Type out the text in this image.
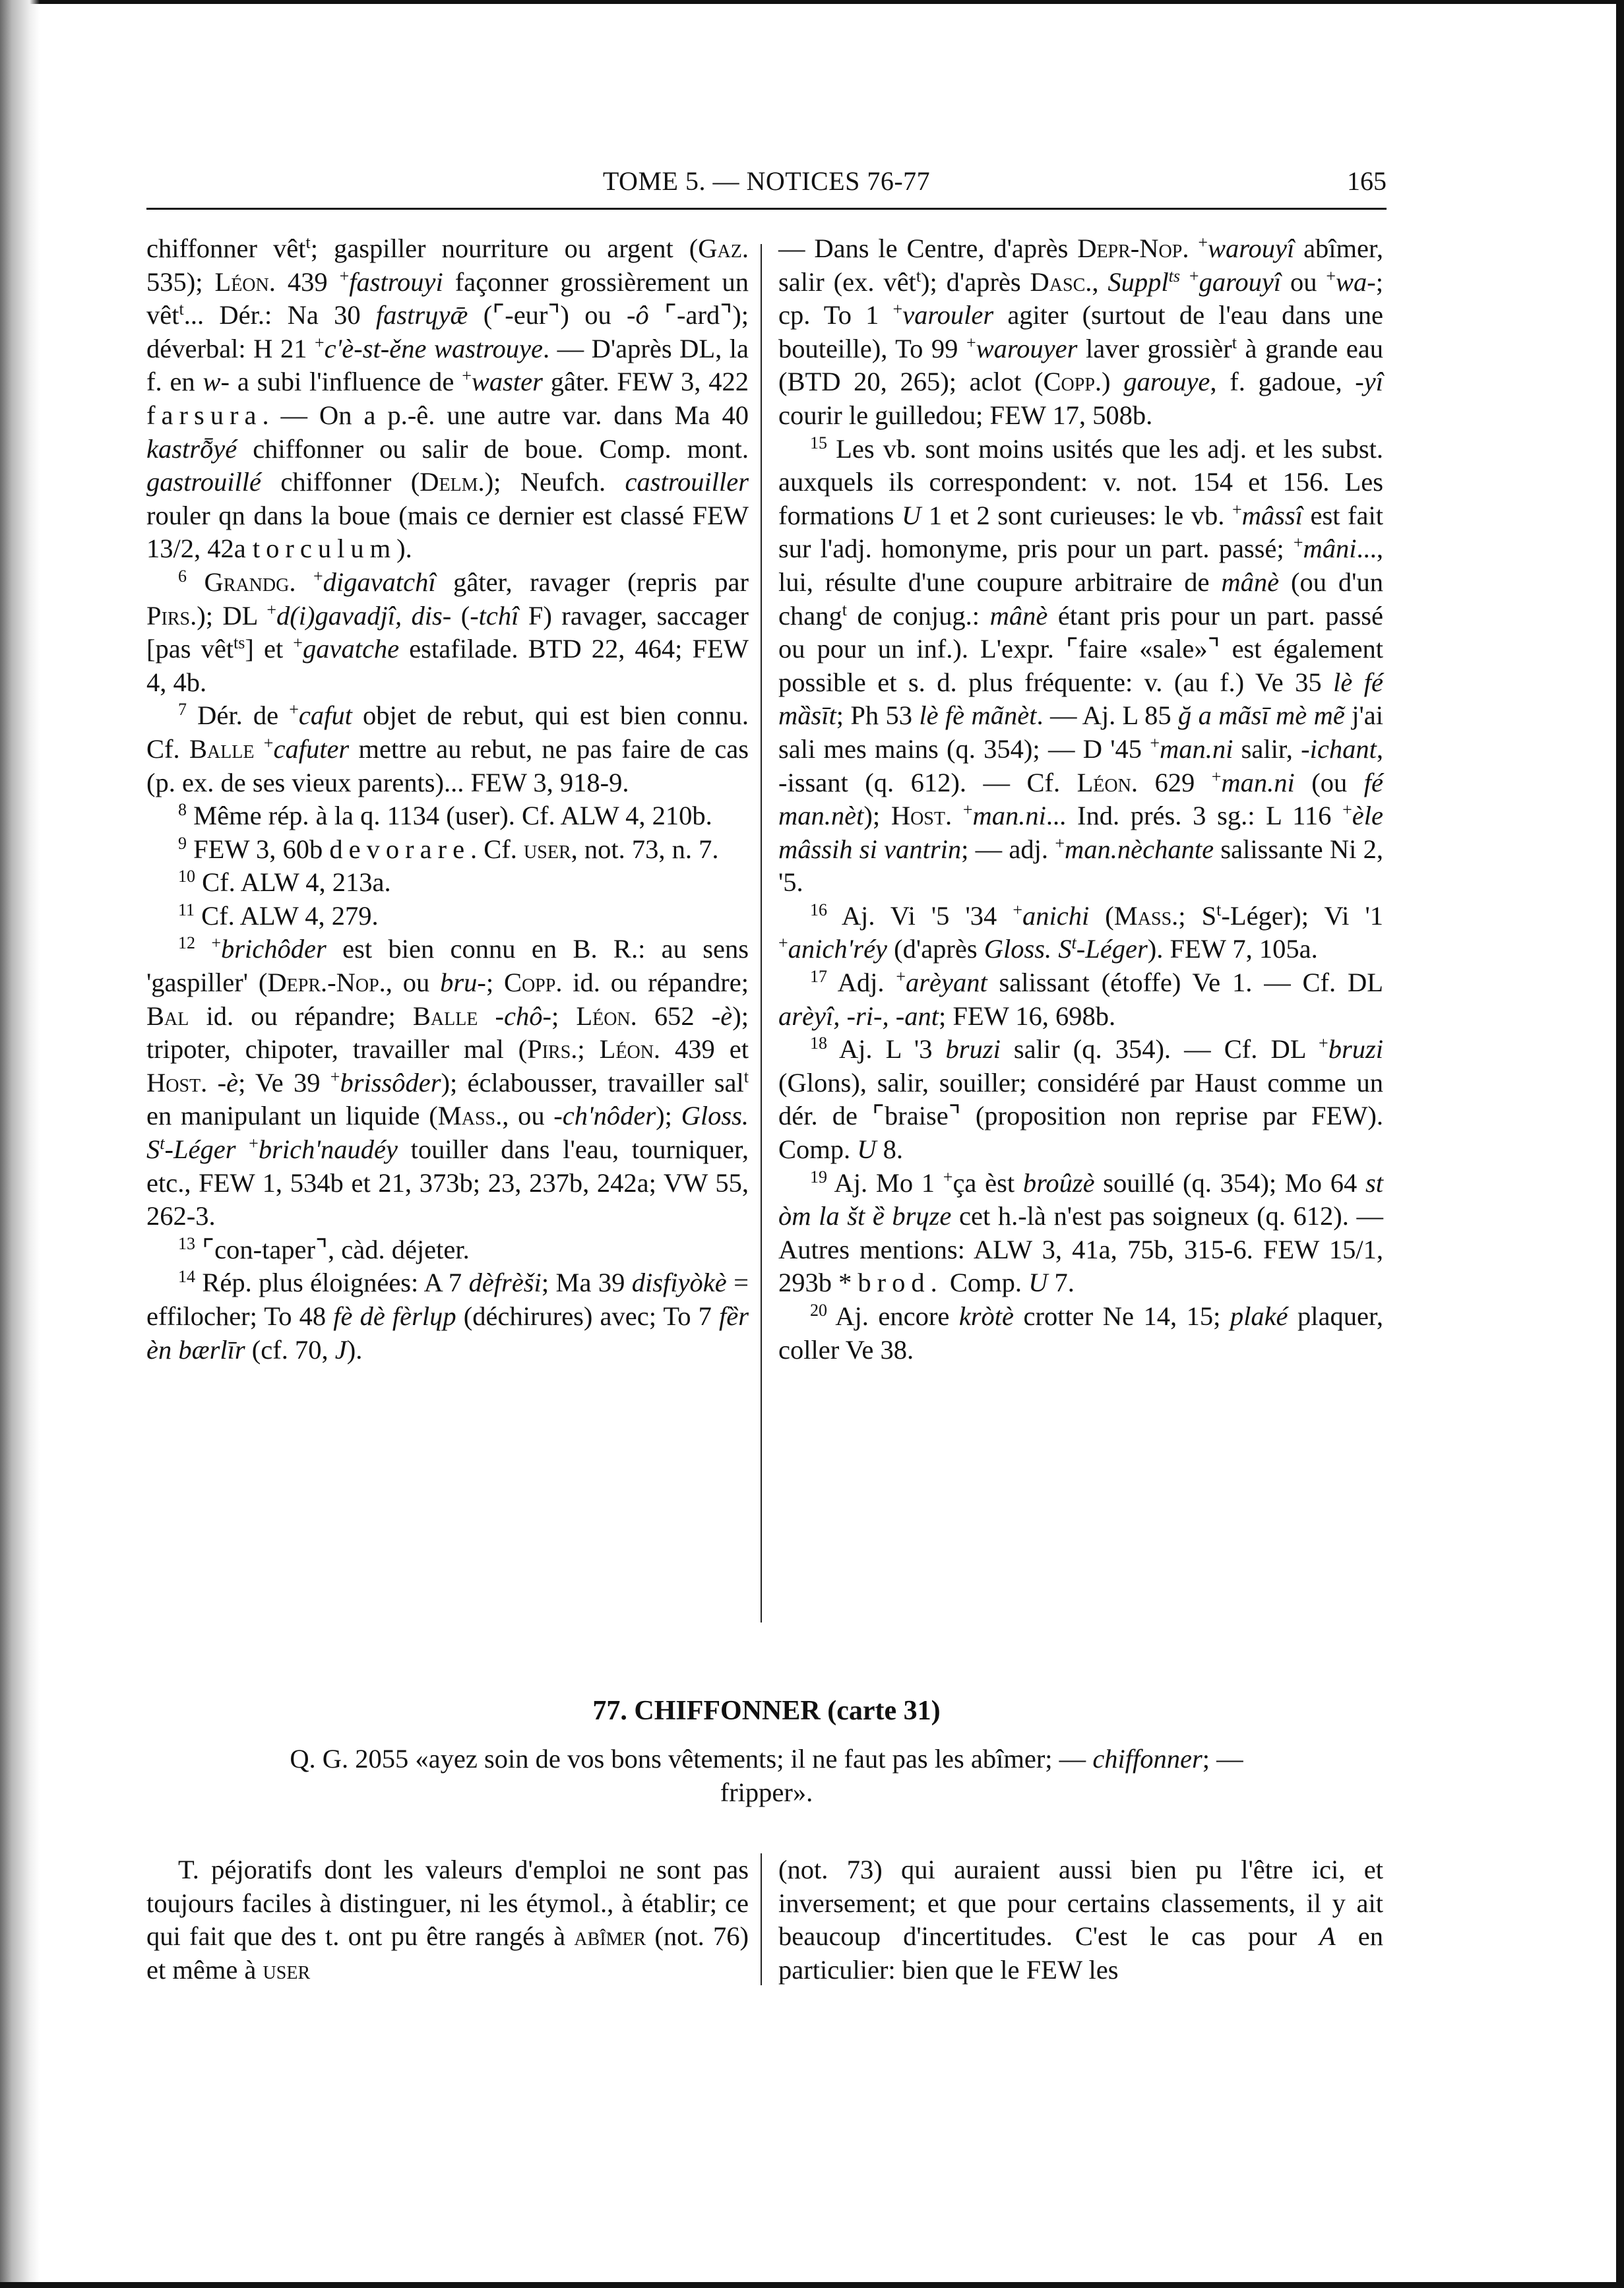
TOME 5. — NOTICES 76-77	165

chiffonner vêt$^t$; gaspiller nourriture ou argent (Gaz. 535); Léon. 439 +fastrouyi façonner grossièrement un vêt$^t$... Dér.: Na 30 fastrɥyǣ (⌜-eur⌝) ou -ô ⌜-ard⌝); déverbal: H 21 +c'è-st-ěne wastrouye. — D'après DL, la f. en w- a subi l'influence de +waster gâter. FEW 3, 422 farsura. — On a p.-ê. une autre var. dans Ma 40 kastrȭyé chiffonner ou salir de boue. Comp. mont. gastrouillé chiffonner (Delm.); Neufch. castrouiller rouler qn dans la boue (mais ce dernier est classé FEW 13/2, 42a torculum).

$^6$ Grandg. +digavatchî gâter, ravager (repris par Pirs.); DL +d(i)gavadjî, dis- (-tchî F) ravager, saccager [pas vêt$^{ts}$] et +gavatche estafilade. BTD 22, 464; FEW 4, 4b.

$^7$ Dér. de +cafut objet de rebut, qui est bien connu. Cf. Balle +cafuter mettre au rebut, ne pas faire de cas (p. ex. de ses vieux parents)... FEW 3, 918-9.

$^8$ Même rép. à la q. 1134 (user). Cf. ALW 4, 210b.

$^9$ FEW 3, 60b devorare. Cf. user, not. 73, n. 7.

$^{10}$ Cf. ALW 4, 213a.

$^{11}$ Cf. ALW 4, 279.

$^{12}$ +brichôder est bien connu en B. R.: au sens 'gaspiller' (Depr.-Nop., ou bru-; Copp. id. ou répandre; Bal id. ou répandre; Balle -chô-; Léon. 652 -è); tripoter, chipoter, travailler mal (Pirs.; Léon. 439 et Host. -è; Ve 39 +brissôder); éclabousser, travailler sal$^t$ en manipulant un liquide (Mass., ou -ch'nôder); Gloss. $S^t$-Léger +brich'naudéy touiller dans l'eau, tourniquer, etc., FEW 1, 534b et 21, 373b; 23, 237b, 242a; VW 55, 262-3.

$^{13}$ ⌜con-taper⌝, càd. déjeter.

$^{14}$ Rép. plus éloignées: A 7 dèfrèši; Ma 39 disfiyòkè = effilocher; To 48 fè dè fèrlɥp (déchirures) avec; To 7 fȅr èn bærlīr (cf. 70, J).

— Dans le Centre, d'après Depr-Nop. +warouyî abîmer, salir (ex. vêt$^t$); d'après Dasc., Suppl$^{ts}$ +garouyî ou +wa-; cp. To 1 +varouler agiter (surtout de l'eau dans une bouteille), To 99 +warouyer laver grossièr$^t$ à grande eau (BTD 20, 265); aclot (Copp.) garouye, f. gadoue, -yî courir le guilledou; FEW 17, 508b.

$^{15}$ Les vb. sont moins usités que les adj. et les subst. auxquels ils correspondent: v. not. 154 et 156. Les formations U 1 et 2 sont curieuses: le vb. +mâssî est fait sur l'adj. homonyme, pris pour un part. passé; +mâni..., lui, résulte d'une coupure arbitraire de mânè (ou d'un chang$^t$ de conjug.: mânè étant pris pour un part. passé ou pour un inf.). L'expr. ⌜faire «sale»⌝ est également possible et s. d. plus fréquente: v. (au f.) Ve 35 lè fé mȁsīt; Ph 53 lè fè mãnèt. — Aj. L 85 ğ a mãsī mè mẽ j'ai sali mes mains (q. 354); — D '45 +man.ni salir, -ichant, -issant (q. 612). — Cf. Léon. 629 +man.ni (ou fé man.nèt); Host. +man.ni... Ind. prés. 3 sg.: L 116 +èle mâssih si vantrin; — adj. +man.nèchante salissante Ni 2, '5.

$^{16}$ Aj. Vi '5 '34 +anichi (Mass.; $S^t-Léger$); Vi '1 +anich'réy (d'après Gloss. $S^t-Léger$). FEW 7, 105a.

$^{17}$ Adj. +arèyant salissant (étoffe) Ve 1. — Cf. DL arèyî, -ri-, -ant; FEW 16, 698b.

$^{18}$ Aj. L '3 bruzi salir (q. 354). — Cf. DL +bruzi (Glons), salir, souiller; considéré par Haust comme un dér. de ⌜braise⌝ (proposition non reprise par FEW). Comp. U 8.

$^{19}$ Aj. Mo 1 +ça èst broûzè souillé (q. 354); Mo 64 st òm la št ȅ brɥze cet h.-là n'est pas soigneux (q. 612). — Autres mentions: ALW 3, 41a, 75b, 315-6. FEW 15/1, 293b *brod. Comp. U 7.

$^{20}$ Aj. encore kròtè crotter Ne 14, 15; plaké plaquer, coller Ve 38.

77. CHIFFONNER (carte 31)
Q. G. 2055 «ayez soin de vos bons vêtements; il ne faut pas les abîmer; — chiffonner; —
fripper».

T. péjoratifs dont les valeurs d'emploi ne sont pas toujours faciles à distinguer, ni les étymol., à établir; ce qui fait que des t. ont pu être rangés à abîmer (not. 76) et même à user

(not. 73) qui auraient aussi bien pu l'être ici, et inversement; et que pour certains classements, il y ait beaucoup d'incertitudes. C'est le cas pour A en particulier: bien que le FEW les
